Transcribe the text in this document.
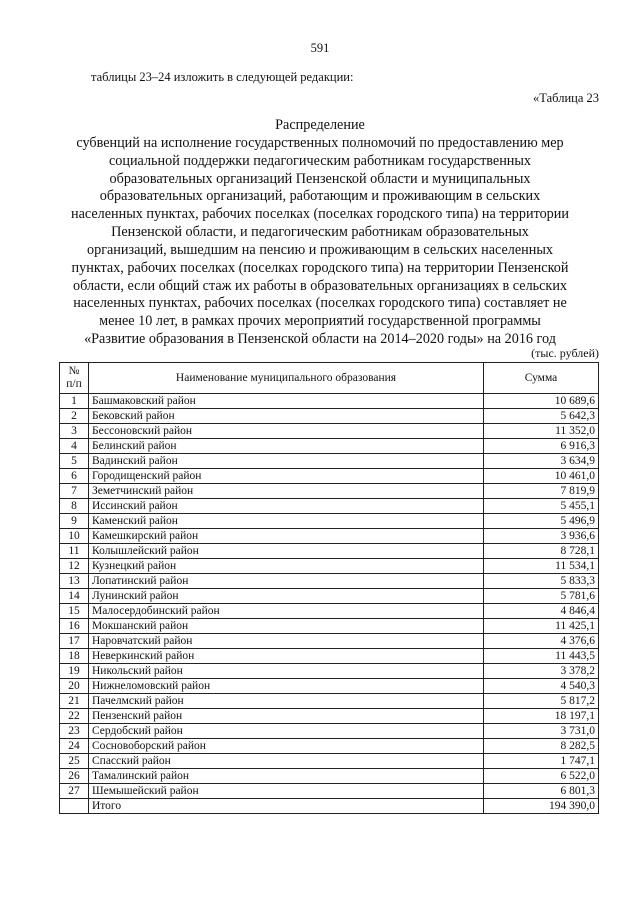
591
таблицы 23–24 изложить в следующей редакции:
«Таблица 23
Распределение
субвенций на исполнение государственных полномочий по предоставлению мер
социальной поддержки педагогическим работникам государственных
образовательных организаций Пензенской области и муниципальных
образовательных организаций, работающим и проживающим в сельских
населенных пунктах, рабочих поселках (поселках городского типа) на территории
Пензенской области, и педагогическим работникам образовательных
организаций, вышедшим на пенсию и проживающим в сельских населенных
пунктах, рабочих поселках (поселках городского типа) на территории Пензенской
области, если общий стаж их работы в образовательных организациях в сельских
населенных пунктах, рабочих поселках (поселках городского типа) составляет не
менее 10 лет, в рамках прочих мероприятий государственной программы
«Развитие образования в Пензенской области на 2014–2020 годы» на 2016 год
(тыс. рублей)
№
п/п	Наименование муниципального образования	Сумма
1	Башмаковский район	10 689,6
2	Бековский район	5 642,3
3	Бессоновский район	11 352,0
4	Белинский район	6 916,3
5	Вадинский район	3 634,9
6	Городищенский район	10 461,0
7	Земетчинский район	7 819,9
8	Иссинский район	5 455,1
9	Каменский район	5 496,9
10	Камешкирский район	3 936,6
11	Колышлейский район	8 728,1
12	Кузнецкий район	11 534,1
13	Лопатинский район	5 833,3
14	Лунинский район	5 781,6
15	Малосердобинский район	4 846,4
16	Мокшанский район	11 425,1
17	Наровчатский район	4 376,6
18	Неверкинский район	11 443,5
19	Никольский район	3 378,2
20	Нижнеломовский район	4 540,3
21	Пачелмский район	5 817,2
22	Пензенский район	18 197,1
23	Сердобский район	3 731,0
24	Сосновоборский район	8 282,5
25	Спасский район	1 747,1
26	Тамалинский район	6 522,0
27	Шемышейский район	6 801,3
	Итого	194 390,0
